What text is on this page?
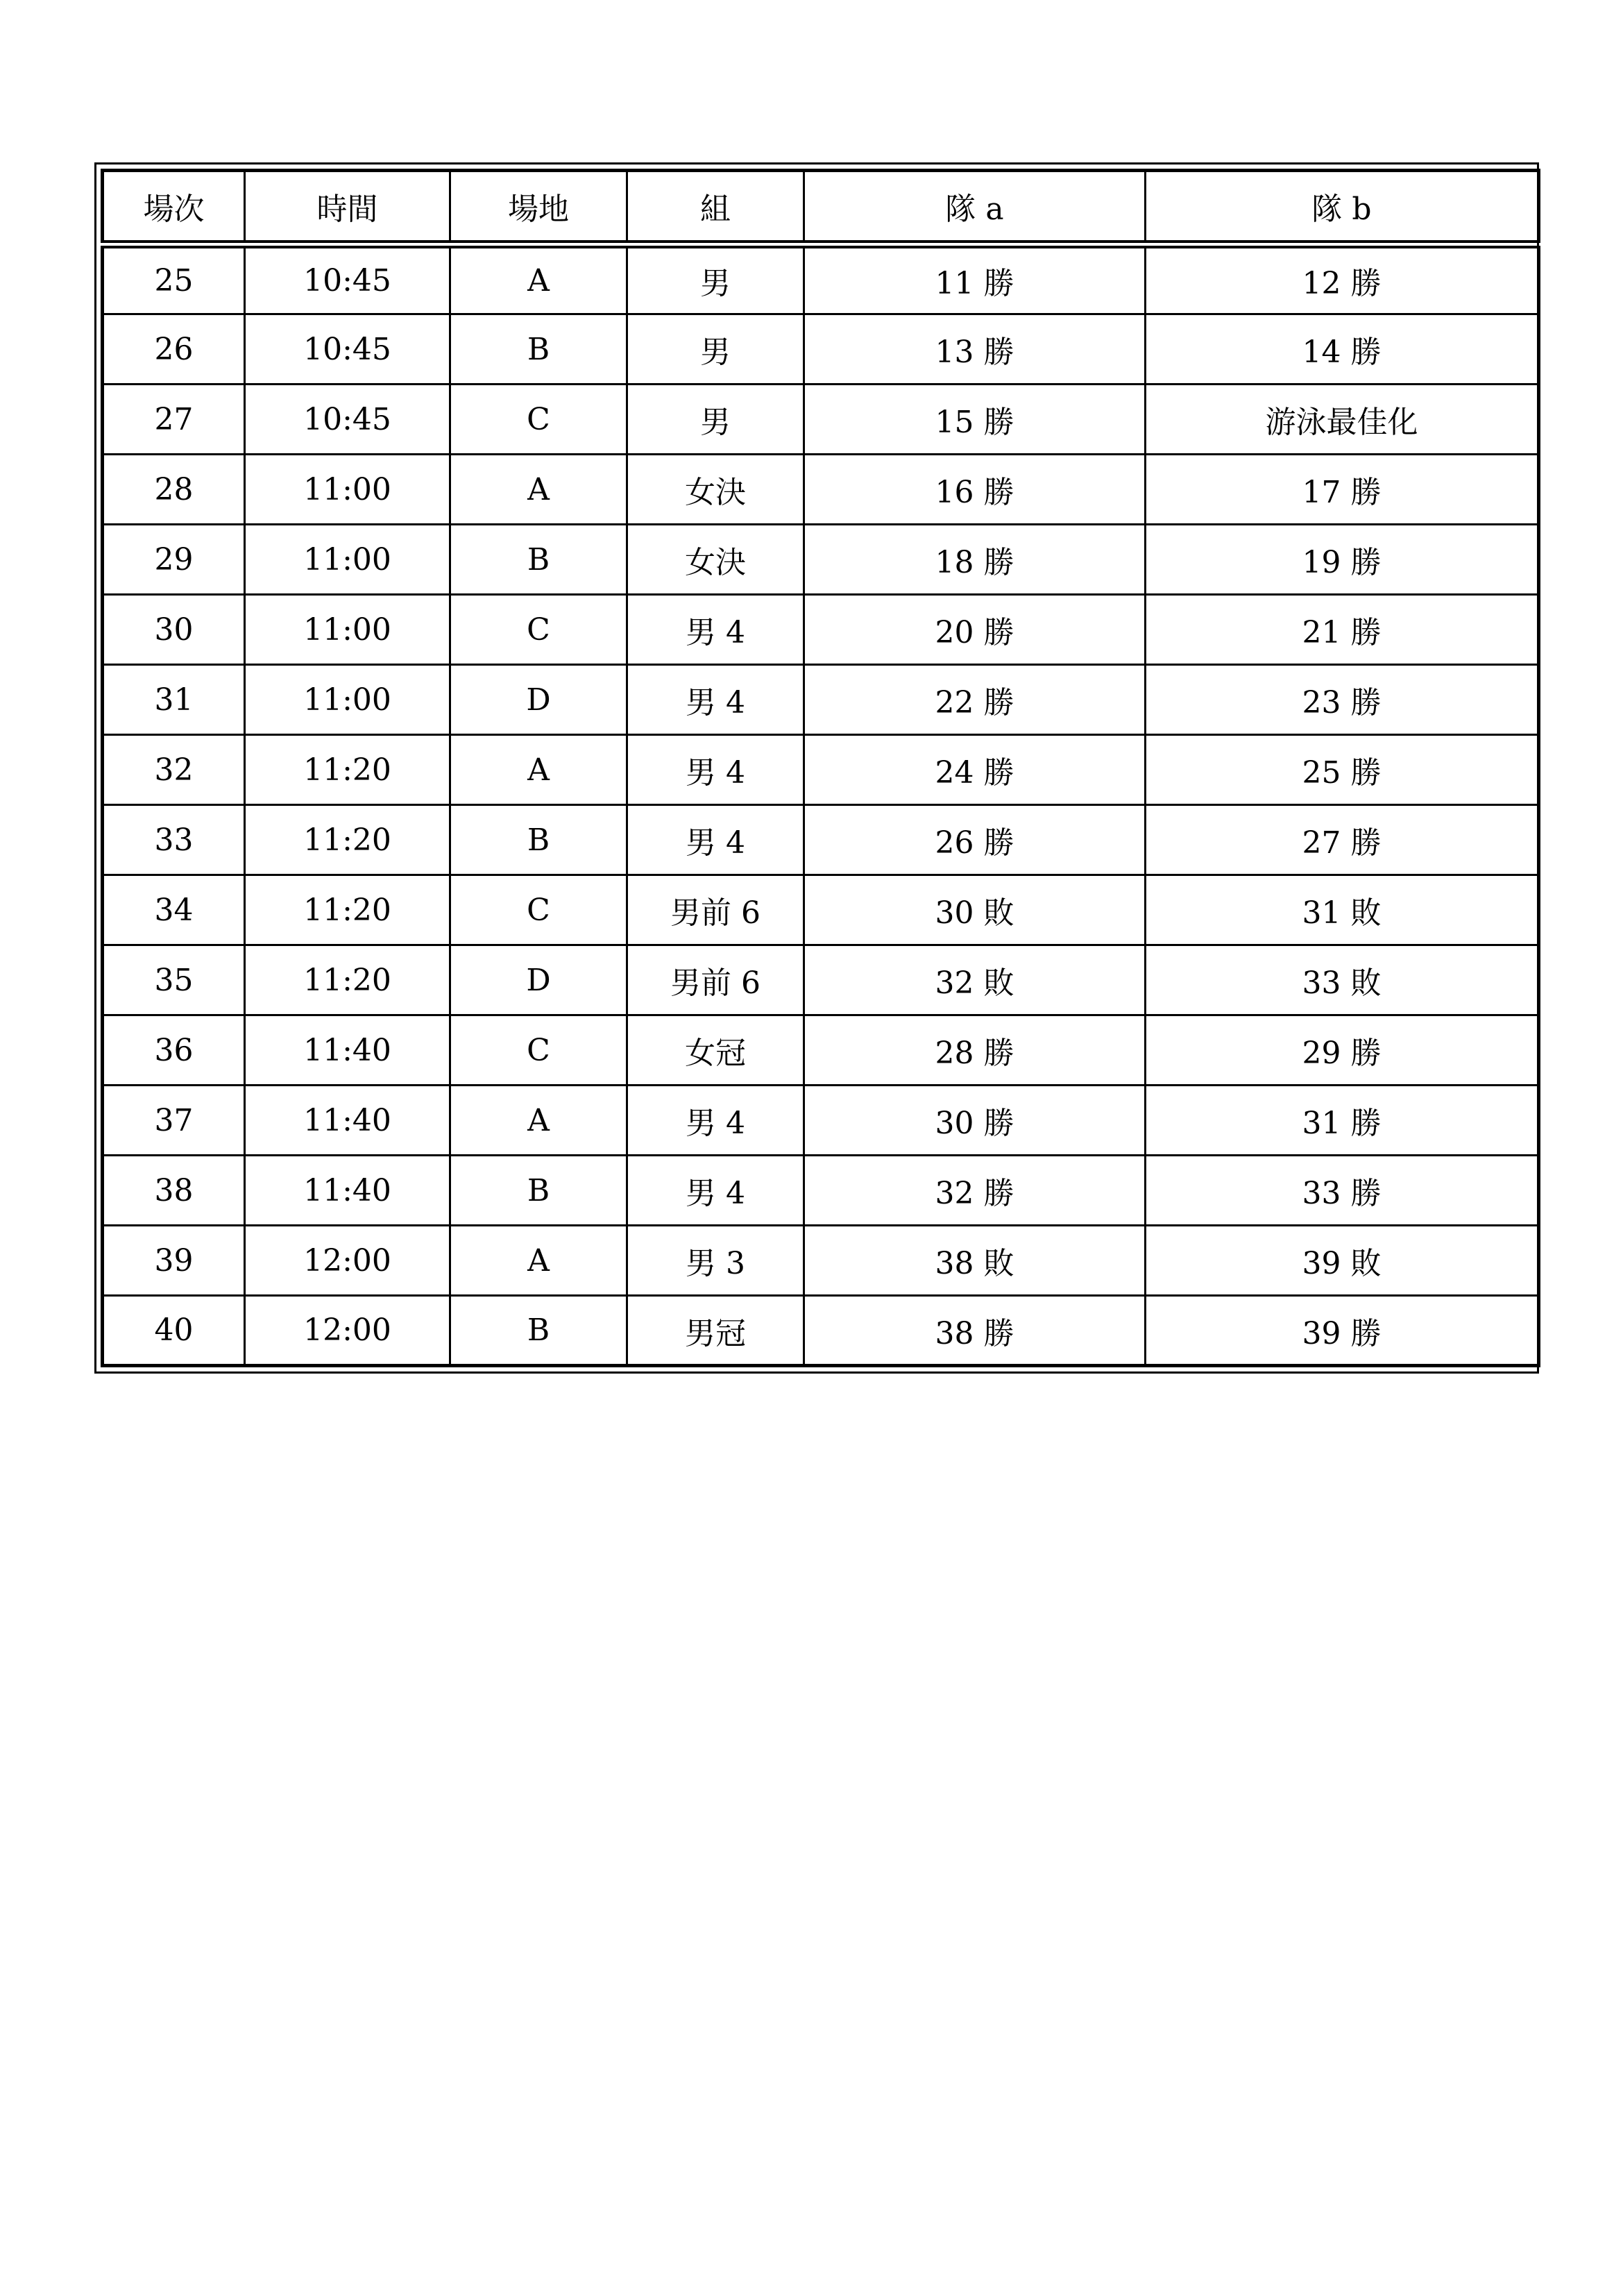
場次	時間	場地	組	隊 a	隊 b
25	10:45	A	男	11 勝	12 勝
26	10:45	B	男	13 勝	14 勝
27	10:45	C	男	15 勝	游泳最佳化
28	11:00	A	女決	16 勝	17 勝
29	11:00	B	女決	18 勝	19 勝
30	11:00	C	男 4	20 勝	21 勝
31	11:00	D	男 4	22 勝	23 勝
32	11:20	A	男 4	24 勝	25 勝
33	11:20	B	男 4	26 勝	27 勝
34	11:20	C	男前 6	30 敗	31 敗
35	11:20	D	男前 6	32 敗	33 敗
36	11:40	C	女冠	28 勝	29 勝
37	11:40	A	男 4	30 勝	31 勝
38	11:40	B	男 4	32 勝	33 勝
39	12:00	A	男 3	38 敗	39 敗
40	12:00	B	男冠	38 勝	39 勝
